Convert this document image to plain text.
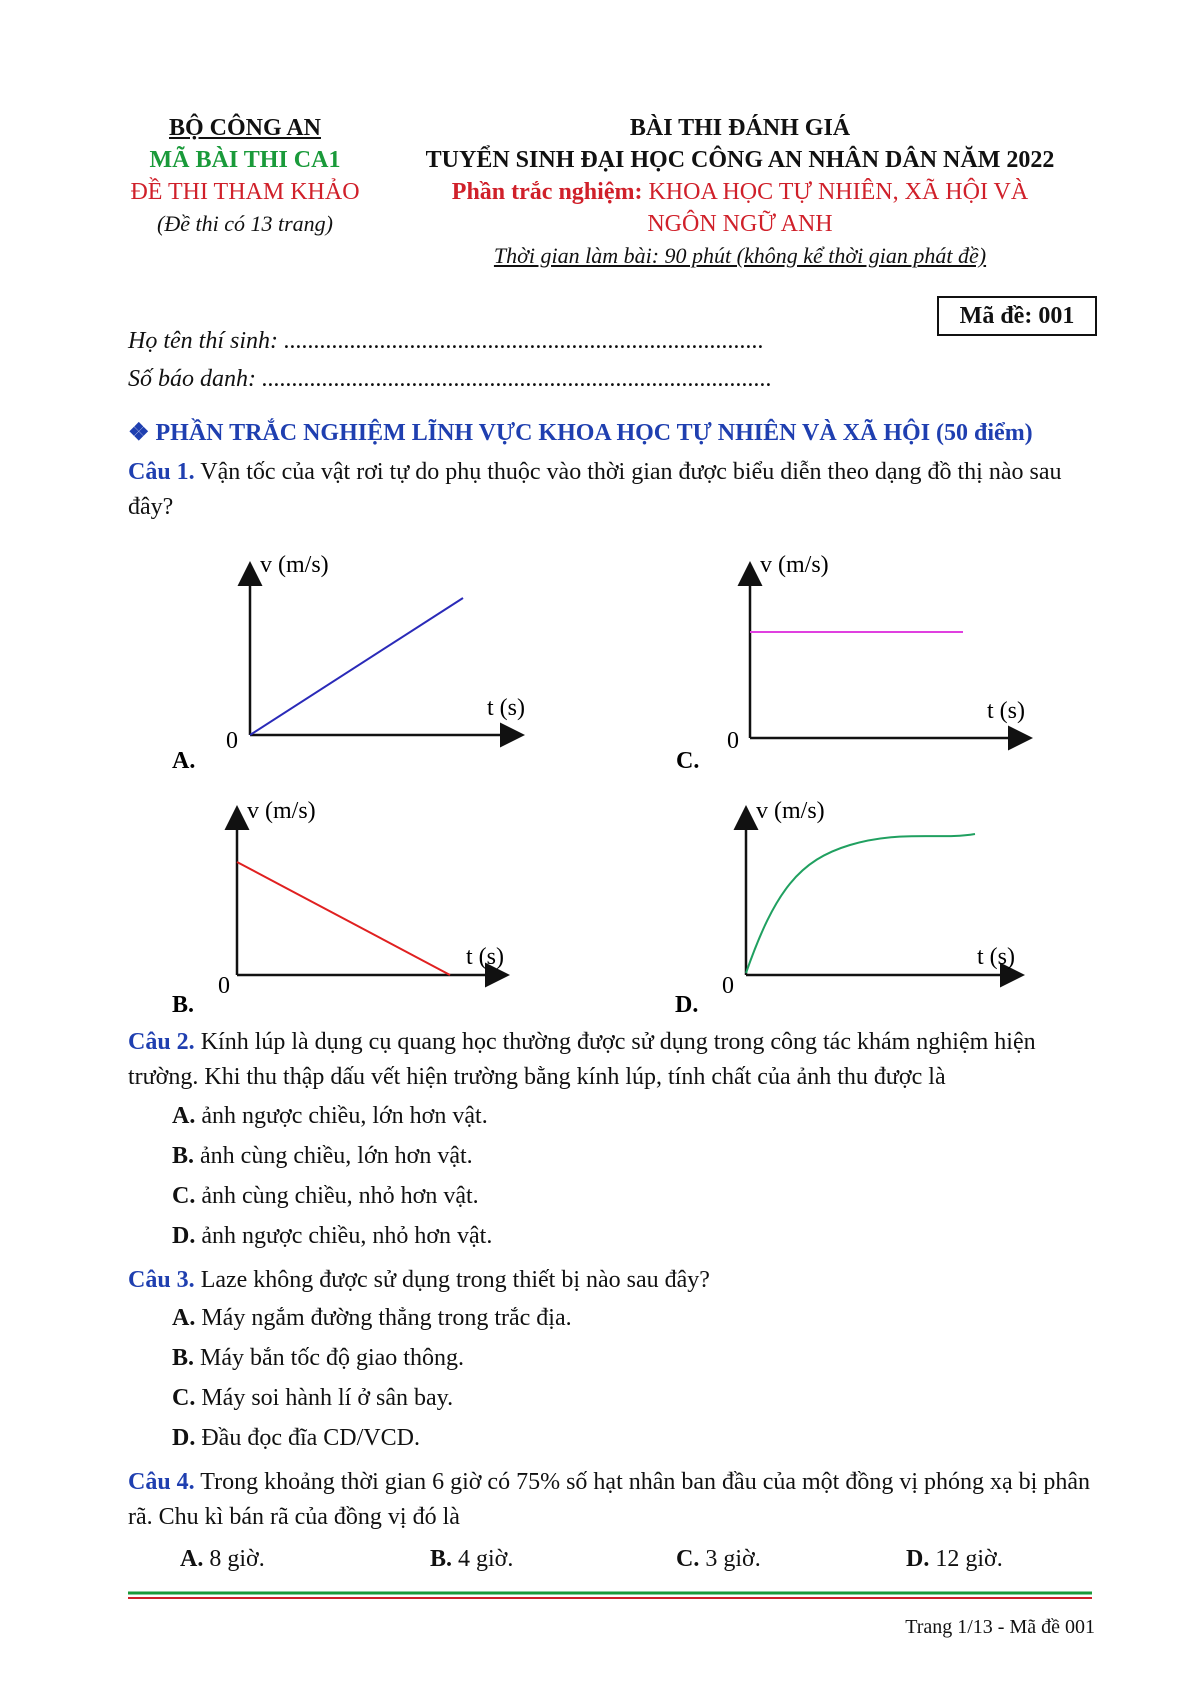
BỘ CÔNG AN
MÃ BÀI THI CA1
ĐỀ THI THAM KHẢO
(Đề thi có 13 trang)
BÀI THI ĐÁNH GIÁ
TUYỂN SINH ĐẠI HỌC CÔNG AN NHÂN DÂN NĂM 2022
Phần trắc nghiệm: KHOA HỌC TỰ NHIÊN, XÃ HỘI VÀ
NGÔN NGỮ ANH
Thời gian làm bài: 90 phút (không kể thời gian phát đề)
Mã đề: 001
Họ tên thí sinh: ................................................................................
Số báo danh: .....................................................................................
❖ PHẦN TRẮC NGHIỆM LĨNH VỰC KHOA HỌC TỰ NHIÊN VÀ XÃ HỘI (50 điểm)
Câu 1. Vận tốc của vật rơi tự do phụ thuộc vào thời gian được biểu diễn theo dạng đồ thị nào sau đây?
v (m/s)
t (s)
0
A.
v (m/s)
t (s)
0
C.
v (m/s)
t (s)
0
B.
v (m/s)
t (s)
0
D.
Câu 2. Kính lúp là dụng cụ quang học thường được sử dụng trong công tác khám nghiệm hiện trường. Khi thu thập dấu vết hiện trường bằng kính lúp, tính chất của ảnh thu được là
A. ảnh ngược chiều, lớn hơn vật.
B. ảnh cùng chiều, lớn hơn vật.
C. ảnh cùng chiều, nhỏ hơn vật.
D. ảnh ngược chiều, nhỏ hơn vật.
Câu 3. Laze không được sử dụng trong thiết bị nào sau đây?
A. Máy ngắm đường thẳng trong trắc địa.
B. Máy bắn tốc độ giao thông.
C. Máy soi hành lí ở sân bay.
D. Đầu đọc đĩa CD/VCD.
Câu 4. Trong khoảng thời gian 6 giờ có 75% số hạt nhân ban đầu của một đồng vị phóng xạ bị phân rã. Chu kì bán rã của đồng vị đó là
A. 8 giờ.	B. 4 giờ.	C. 3 giờ.	D. 12 giờ.
Trang 1/13 - Mã đề 001
